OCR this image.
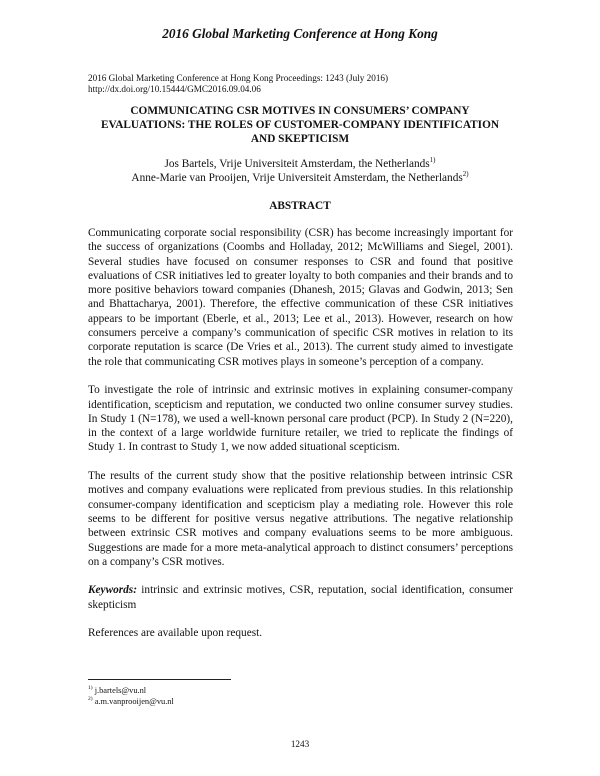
2016 Global Marketing Conference at Hong Kong
2016 Global Marketing Conference at Hong Kong Proceedings: 1243 (July 2016)
http://dx.doi.org/10.15444/GMC2016.09.04.06
COMMUNICATING CSR MOTIVES IN CONSUMERS’ COMPANY
EVALUATIONS: THE ROLES OF CUSTOMER-COMPANY IDENTIFICATION
AND SKEPTICISM
Jos Bartels, Vrije Universiteit Amsterdam, the Netherlands$^{1)}$
Anne-Marie van Prooijen, Vrije Universiteit Amsterdam, the Netherlands$^{2)}$
ABSTRACT

Communicating corporate social responsibility (CSR) has become increasingly important for the success of organizations (Coombs and Holladay, 2012; McWilliams and Siegel, 2001). Several studies have focused on consumer responses to CSR and found that positive evaluations of CSR initiatives led to greater loyalty to both companies and their brands and to more positive behaviors toward companies (Dhanesh, 2015; Glavas and Godwin, 2013; Sen and Bhattacharya, 2001). Therefore, the effective communication of these CSR initiatives appears to be important (Eberle, et al., 2013; Lee et al., 2013). However, research on how consumers perceive a company’s communication of specific CSR motives in relation to its corporate reputation is scarce (De Vries et al., 2013). The current study aimed to investigate the role that communicating CSR motives plays in someone’s perception of a company.

To investigate the role of intrinsic and extrinsic motives in explaining consumer-company identification, scepticism and reputation, we conducted two online consumer survey studies. In Study 1 (N=178), we used a well-known personal care product (PCP). In Study 2 (N=220), in the context of a large worldwide furniture retailer, we tried to replicate the findings of Study 1. In contrast to Study 1, we now added situational scepticism.

The results of the current study show that the positive relationship between intrinsic CSR motives and company evaluations were replicated from previous studies. In this relationship consumer-company identification and scepticism play a mediating role. However this role seems to be different for positive versus negative attributions. The negative relationship between extrinsic CSR motives and company evaluations seems to be more ambiguous. Suggestions are made for a more meta-analytical approach to distinct consumers’ perceptions on a company’s CSR motives.

Keywords: intrinsic and extrinsic motives, CSR, reputation, social identification, consumer skepticism

References are available upon request.

$^{1)}$ j.bartels@vu.nl
$^{2)}$ a.m.vanprooijen@vu.nl
1243
